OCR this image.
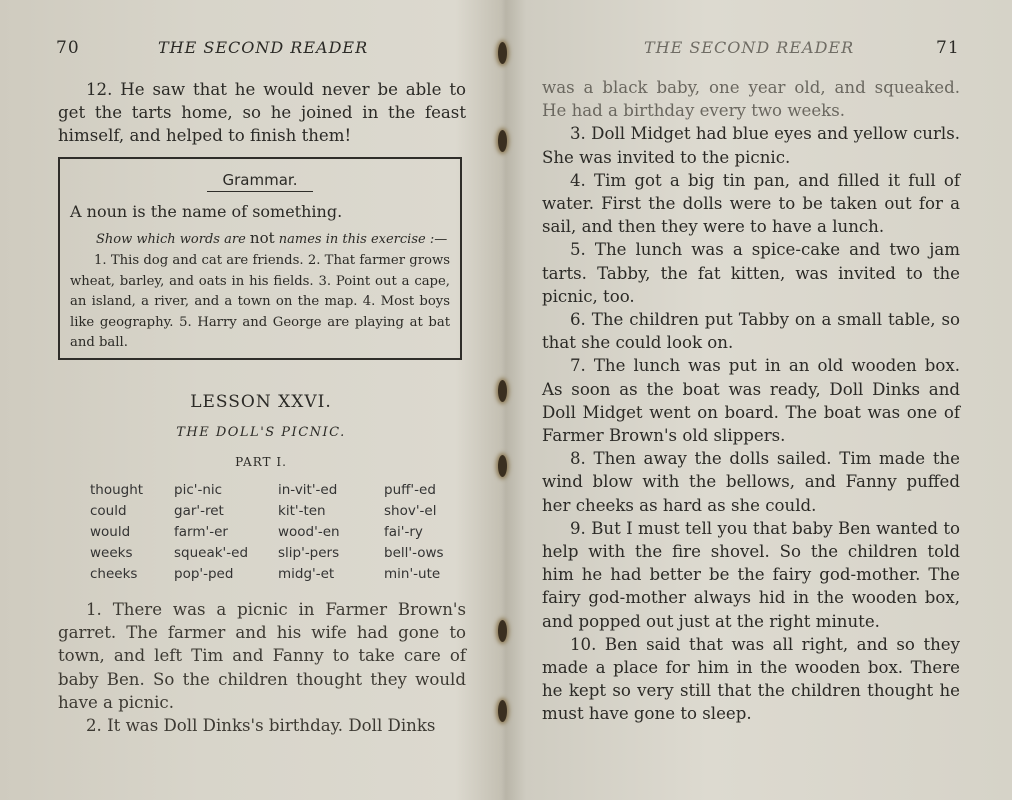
70	THE SECOND READER

12. He saw that he would never be able to get the tarts home, so he joined in the feast himself, and helped to finish them!

Grammar.

A noun is the name of something.

Show which words are not names in this exercise :—

1. This dog and cat are friends. 2. That farmer grows wheat, barley, and oats in his fields. 3. Point out a cape, an island, a river, and a town on the map. 4. Most boys like geography. 5. Harry and George are playing at bat and ball.

LESSON XXVI.
THE DOLL'S PICNIC.
PART I.
thought	pic'-nic	in-vit'-ed	puff'-ed
could	gar'-ret	kit'-ten	shov'-el
would	farm'-er	wood'-en	fai'-ry
weeks	squeak'-ed	slip'-pers	bell'-ows
cheeks	pop'-ped	midg'-et	min'-ute

1. There was a picnic in Farmer Brown's garret. The farmer and his wife had gone to town, and left Tim and Fanny to take care of baby Ben. So the children thought they would have a picnic.

2. It was Doll Dinks's birthday. Doll Dinks

THE SECOND READER	71

was a black baby, one year old, and squeaked. He had a birthday every two weeks.

3. Doll Midget had blue eyes and yellow curls. She was invited to the picnic.

4. Tim got a big tin pan, and filled it full of water. First the dolls were to be taken out for a sail, and then they were to have a lunch.

5. The lunch was a spice-cake and two jam tarts. Tabby, the fat kitten, was invited to the picnic, too.

6. The children put Tabby on a small table, so that she could look on.

7. The lunch was put in an old wooden box. As soon as the boat was ready, Doll Dinks and Doll Midget went on board. The boat was one of Farmer Brown's old slippers.

8. Then away the dolls sailed. Tim made the wind blow with the bellows, and Fanny puffed her cheeks as hard as she could.

9. But I must tell you that baby Ben wanted to help with the fire shovel. So the children told him he had better be the fairy god-mother. The fairy god-mother always hid in the wooden box, and popped out just at the right minute.

10. Ben said that was all right, and so they made a place for him in the wooden box. There he kept so very still that the children thought he must have gone to sleep.
